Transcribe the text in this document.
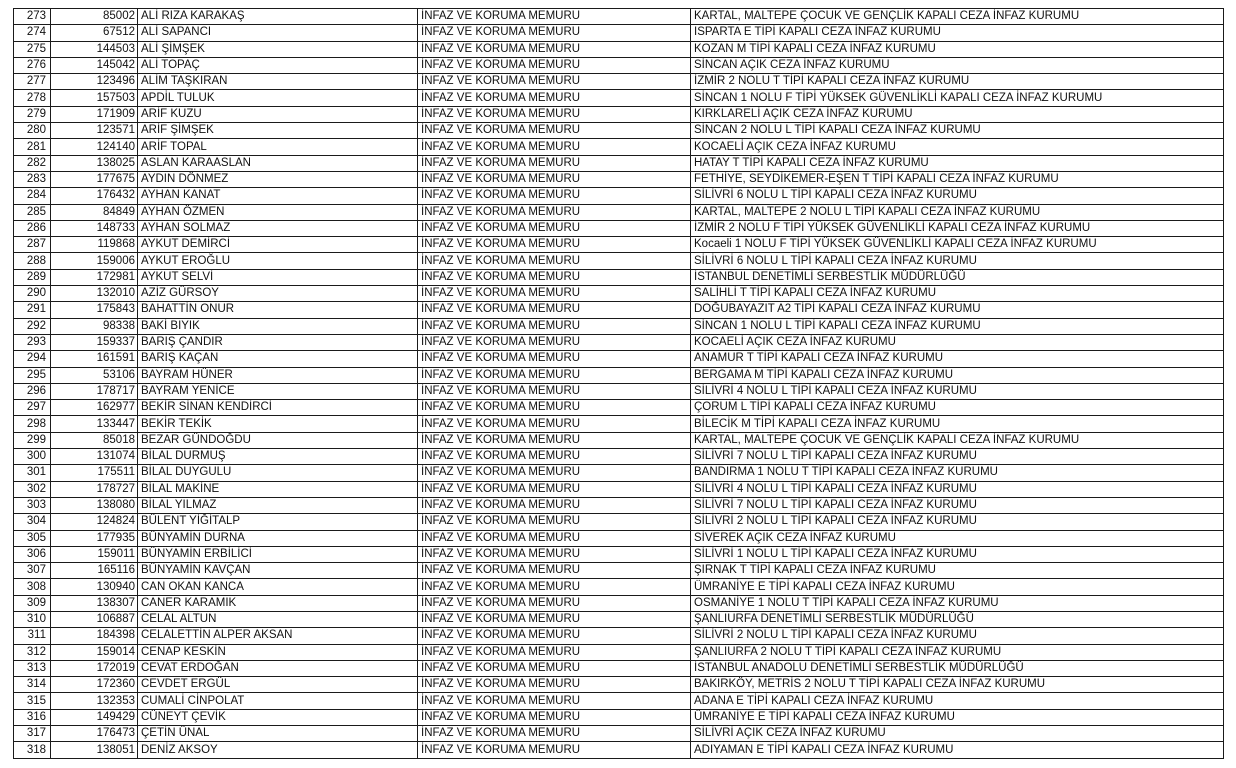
273	85002	ALİ RIZA KARAKAŞ	İNFAZ VE KORUMA MEMURU	KARTAL, MALTEPE ÇOCUK VE GENÇLİK KAPALI CEZA İNFAZ KURUMU
274	67512	ALİ SAPANCI	İNFAZ VE KORUMA MEMURU	ISPARTA E TİPİ KAPALI CEZA İNFAZ KURUMU
275	144503	ALİ ŞİMŞEK	İNFAZ VE KORUMA MEMURU	KOZAN M TİPİ KAPALI CEZA İNFAZ KURUMU
276	145042	ALİ TOPAÇ	İNFAZ VE KORUMA MEMURU	SİNCAN AÇIK CEZA İNFAZ KURUMU
277	123496	ALİM TAŞKIRAN	İNFAZ VE KORUMA MEMURU	İZMİR 2 NOLU T TİPİ KAPALI CEZA İNFAZ KURUMU
278	157503	APDİL TULUK	İNFAZ VE KORUMA MEMURU	SİNCAN 1 NOLU F TİPİ YÜKSEK GÜVENLİKLİ KAPALI CEZA İNFAZ KURUMU
279	171909	ARİF KUZU	İNFAZ VE KORUMA MEMURU	KIRKLARELİ AÇIK CEZA İNFAZ KURUMU
280	123571	ARİF ŞİMŞEK	İNFAZ VE KORUMA MEMURU	SİNCAN 2 NOLU L TİPİ KAPALI CEZA İNFAZ KURUMU
281	124140	ARİF TOPAL	İNFAZ VE KORUMA MEMURU	KOCAELİ AÇIK CEZA İNFAZ KURUMU
282	138025	ASLAN KARAASLAN	İNFAZ VE KORUMA MEMURU	HATAY T TİPİ KAPALI CEZA İNFAZ KURUMU
283	177675	AYDIN DÖNMEZ	İNFAZ VE KORUMA MEMURU	FETHİYE, SEYDİKEMER-EŞEN T TİPİ KAPALI CEZA İNFAZ KURUMU
284	176432	AYHAN KANAT	İNFAZ VE KORUMA MEMURU	SİLİVRİ 6 NOLU L TİPİ KAPALI CEZA İNFAZ KURUMU
285	84849	AYHAN ÖZMEN	İNFAZ VE KORUMA MEMURU	KARTAL, MALTEPE 2 NOLU L TİPİ KAPALI CEZA İNFAZ KURUMU
286	148733	AYHAN SOLMAZ	İNFAZ VE KORUMA MEMURU	İZMİR 2 NOLU F TİPİ YÜKSEK GÜVENLİKLİ KAPALI CEZA İNFAZ KURUMU
287	119868	AYKUT DEMİRCİ	İNFAZ VE KORUMA MEMURU	Kocaeli 1 NOLU F TİPİ YÜKSEK GÜVENLİKLİ KAPALI CEZA İNFAZ KURUMU
288	159006	AYKUT EROĞLU	İNFAZ VE KORUMA MEMURU	SİLİVRİ 6 NOLU L TİPİ KAPALI CEZA İNFAZ KURUMU
289	172981	AYKUT SELVİ	İNFAZ VE KORUMA MEMURU	İSTANBUL DENETİMLİ SERBESTLİK MÜDÜRLÜĞÜ
290	132010	AZİZ GÜRSOY	İNFAZ VE KORUMA MEMURU	SALİHLİ T TİPİ KAPALI CEZA İNFAZ KURUMU
291	175843	BAHATTİN ONUR	İNFAZ VE KORUMA MEMURU	DOĞUBAYAZIT A2 TİPİ KAPALI CEZA İNFAZ KURUMU
292	98338	BAKİ BIYIK	İNFAZ VE KORUMA MEMURU	SİNCAN 1 NOLU L TİPİ KAPALI CEZA İNFAZ KURUMU
293	159337	BARIŞ ÇANDIR	İNFAZ VE KORUMA MEMURU	KOCAELİ AÇIK CEZA İNFAZ KURUMU
294	161591	BARIŞ KAÇAN	İNFAZ VE KORUMA MEMURU	ANAMUR T TİPİ KAPALI CEZA İNFAZ KURUMU
295	53106	BAYRAM HÜNER	İNFAZ VE KORUMA MEMURU	BERGAMA M TİPİ KAPALI CEZA İNFAZ KURUMU
296	178717	BAYRAM YENİCE	İNFAZ VE KORUMA MEMURU	SİLİVRİ 4 NOLU L TİPİ KAPALI CEZA İNFAZ KURUMU
297	162977	BEKİR SİNAN KENDİRCİ	İNFAZ VE KORUMA MEMURU	ÇORUM L TİPİ KAPALI CEZA İNFAZ KURUMU
298	133447	BEKİR TEKİK	İNFAZ VE KORUMA MEMURU	BİLECİK M TİPİ KAPALI CEZA İNFAZ KURUMU
299	85018	BEZAR GÜNDOĞDU	İNFAZ VE KORUMA MEMURU	KARTAL, MALTEPE ÇOCUK VE GENÇLİK KAPALI CEZA İNFAZ KURUMU
300	131074	BİLAL DURMUŞ	İNFAZ VE KORUMA MEMURU	SİLİVRİ 7 NOLU L TİPİ KAPALI CEZA İNFAZ KURUMU
301	175511	BİLAL DUYGULU	İNFAZ VE KORUMA MEMURU	BANDIRMA 1 NOLU T TİPİ KAPALI CEZA İNFAZ KURUMU
302	178727	BİLAL MAKİNE	İNFAZ VE KORUMA MEMURU	SİLİVRİ 4 NOLU L TİPİ KAPALI CEZA İNFAZ KURUMU
303	138080	BİLAL YILMAZ	İNFAZ VE KORUMA MEMURU	SİLİVRİ 7 NOLU L TİPİ KAPALI CEZA İNFAZ KURUMU
304	124824	BÜLENT YİĞİTALP	İNFAZ VE KORUMA MEMURU	SİLİVRİ 2 NOLU L TİPİ KAPALI CEZA İNFAZ KURUMU
305	177935	BÜNYAMİN DURNA	İNFAZ VE KORUMA MEMURU	SİVEREK AÇIK CEZA İNFAZ KURUMU
306	159011	BÜNYAMİN ERBİLİCİ	İNFAZ VE KORUMA MEMURU	SİLİVRİ 1 NOLU L TİPİ KAPALI CEZA İNFAZ KURUMU
307	165116	BÜNYAMİN KAVÇAN	İNFAZ VE KORUMA MEMURU	ŞIRNAK T TİPİ KAPALI CEZA İNFAZ KURUMU
308	130940	CAN OKAN KANCA	İNFAZ VE KORUMA MEMURU	ÜMRANİYE E TİPİ KAPALI CEZA İNFAZ KURUMU
309	138307	CANER KARAMIK	İNFAZ VE KORUMA MEMURU	OSMANİYE 1 NOLU T TİPİ KAPALI CEZA İNFAZ KURUMU
310	106887	CELAL ALTUN	İNFAZ VE KORUMA MEMURU	ŞANLIURFA DENETİMLİ SERBESTLİK MÜDÜRLÜĞÜ
311	184398	CELALETTİN ALPER AKSAN	İNFAZ VE KORUMA MEMURU	SİLİVRİ 2 NOLU L TİPİ KAPALI CEZA İNFAZ KURUMU
312	159014	CENAP KESKİN	İNFAZ VE KORUMA MEMURU	ŞANLIURFA 2 NOLU T TİPİ KAPALI CEZA İNFAZ KURUMU
313	172019	CEVAT ERDOĞAN	İNFAZ VE KORUMA MEMURU	İSTANBUL ANADOLU DENETİMLİ SERBESTLİK MÜDÜRLÜĞÜ
314	172360	CEVDET ERGÜL	İNFAZ VE KORUMA MEMURU	BAKIRKÖY, METRİS 2 NOLU T TİPİ KAPALI CEZA İNFAZ KURUMU
315	132353	CUMALİ CİNPOLAT	İNFAZ VE KORUMA MEMURU	ADANA E TİPİ KAPALI CEZA İNFAZ KURUMU
316	149429	CÜNEYT ÇEVİK	İNFAZ VE KORUMA MEMURU	ÜMRANİYE E TİPİ KAPALI CEZA İNFAZ KURUMU
317	176473	ÇETİN ÜNAL	İNFAZ VE KORUMA MEMURU	SİLİVRİ AÇIK CEZA İNFAZ KURUMU
318	138051	DENİZ AKSOY	İNFAZ VE KORUMA MEMURU	ADIYAMAN E TİPİ KAPALI CEZA İNFAZ KURUMU
